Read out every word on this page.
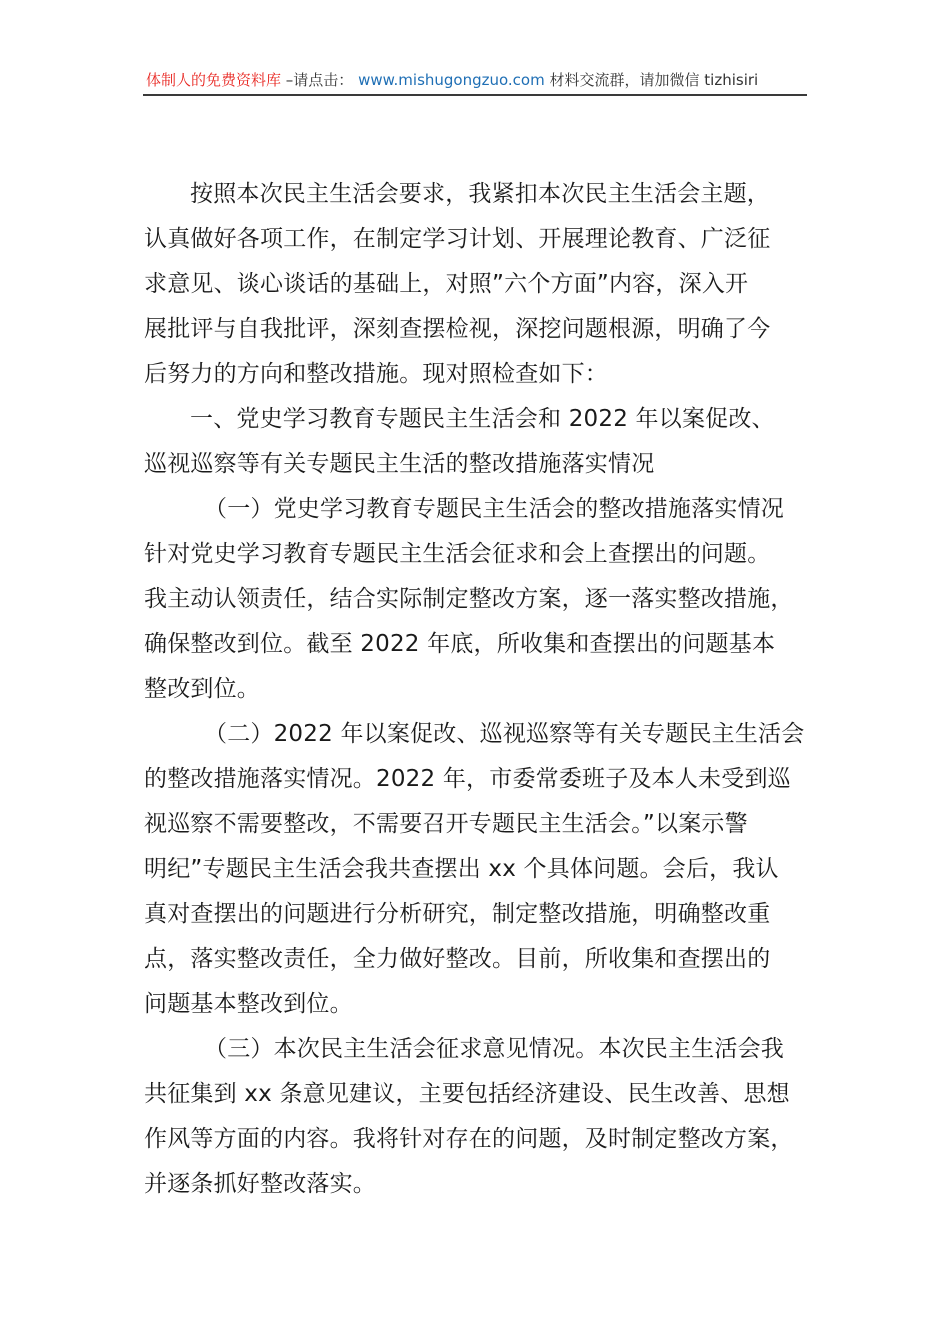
体制人的免费资料库 –请点击： www.mishugongzuo.com 材料交流群，请加微信 tizhisiri
按照本次民主生活会要求，我紧扣本次民主生活会主题，
认真做好各项工作，在制定学习计划、开展理论教育、广泛征
求意见、谈心谈话的基础上，对照”六个方面”内容，深入开
展批评与自我批评，深刻查摆检视，深挖问题根源，明确了今
后努力的方向和整改措施。现对照检查如下：
一、党史学习教育专题民主生活会和 2022 年以案促改、
巡视巡察等有关专题民主生活的整改措施落实情况
（一）党史学习教育专题民主生活会的整改措施落实情况
针对党史学习教育专题民主生活会征求和会上查摆出的问题。
我主动认领责任，结合实际制定整改方案，逐一落实整改措施，
确保整改到位。截至 2022 年底，所收集和查摆出的问题基本
整改到位。
（二）2022 年以案促改、巡视巡察等有关专题民主生活会
的整改措施落实情况。2022 年，市委常委班子及本人未受到巡
视巡察不需要整改，不需要召开专题民主生活会。”以案示警
明纪”专题民主生活会我共查摆出 xx 个具体问题。会后，我认
真对查摆出的问题进行分析研究，制定整改措施，明确整改重
点，落实整改责任，全力做好整改。目前，所收集和查摆出的
问题基本整改到位。
（三）本次民主生活会征求意见情况。本次民主生活会我
共征集到 xx 条意见建议，主要包括经济建设、民生改善、思想
作风等方面的内容。我将针对存在的问题，及时制定整改方案，
并逐条抓好整改落实。
